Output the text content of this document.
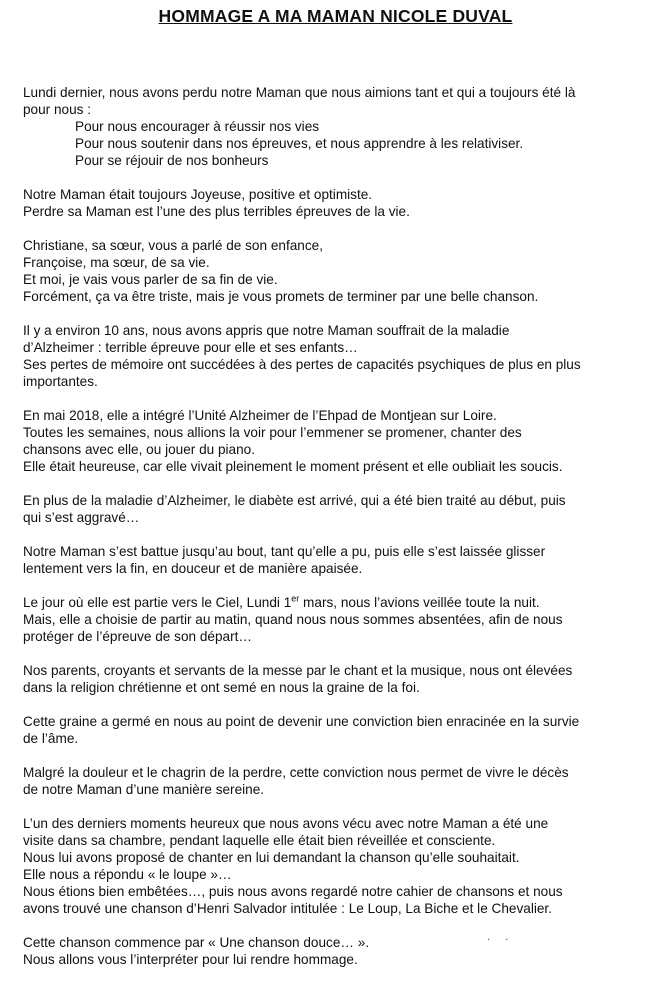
HOMMAGE A MA MAMAN NICOLE DUVAL
Lundi dernier, nous avons perdu notre Maman que nous aimions tant et qui a toujours été là
pour nous :
Pour nous encourager à réussir nos vies
Pour nous soutenir dans nos épreuves, et nous apprendre à les relativiser.
Pour se réjouir de nos bonheurs
Notre Maman était toujours Joyeuse, positive et optimiste.
Perdre sa Maman est l’une des plus terribles épreuves de la vie.
Christiane, sa sœur, vous a parlé de son enfance,
Françoise, ma sœur, de sa vie.
Et moi, je vais vous parler de sa fin de vie.
Forcément, ça va être triste, mais je vous promets de terminer par une belle chanson.
Il y a environ 10 ans, nous avons appris que notre Maman souffrait de la maladie
d’Alzheimer : terrible épreuve pour elle et ses enfants…
Ses pertes de mémoire ont succédées à des pertes de capacités psychiques de plus en plus
importantes.
En mai 2018, elle a intégré l’Unité Alzheimer de l’Ehpad de Montjean sur Loire.
Toutes les semaines, nous allions la voir pour l’emmener se promener, chanter des
chansons avec elle, ou jouer du piano.
Elle était heureuse, car elle vivait pleinement le moment présent et elle oubliait les soucis.
En plus de la maladie d’Alzheimer, le diabète est arrivé, qui a été bien traité au début, puis
qui s’est aggravé…
Notre Maman s’est battue jusqu’au bout, tant qu’elle a pu, puis elle s’est laissée glisser
lentement vers la fin, en douceur et de manière apaisée.
Le jour où elle est partie vers le Ciel, Lundi 1er mars, nous l’avions veillée toute la nuit.
Mais, elle a choisie de partir au matin, quand nous nous sommes absentées, afin de nous
protéger de l’épreuve de son départ…
Nos parents, croyants et servants de la messe par le chant et la musique, nous ont élevées
dans la religion chrétienne et ont semé en nous la graine de la foi.
Cette graine a germé en nous au point de devenir une conviction bien enracinée en la survie
de l’âme.
Malgré la douleur et le chagrin de la perdre, cette conviction nous permet de vivre le décès
de notre Maman d’une manière sereine.
L’un des derniers moments heureux que nous avons vécu avec notre Maman a été une
visite dans sa chambre, pendant laquelle elle était bien réveillée et consciente.
Nous lui avons proposé de chanter en lui demandant la chanson qu’elle souhaitait.
Elle nous a répondu « le loupe »…
Nous étions bien embêtées…, puis nous avons regardé notre cahier de chansons et nous
avons trouvé une chanson d’Henri Salvador intitulée : Le Loup, La Biche et le Chevalier.
Cette chanson commence par « Une chanson douce… ».
Nous allons vous l’interpréter pour lui rendre hommage.
· ·
